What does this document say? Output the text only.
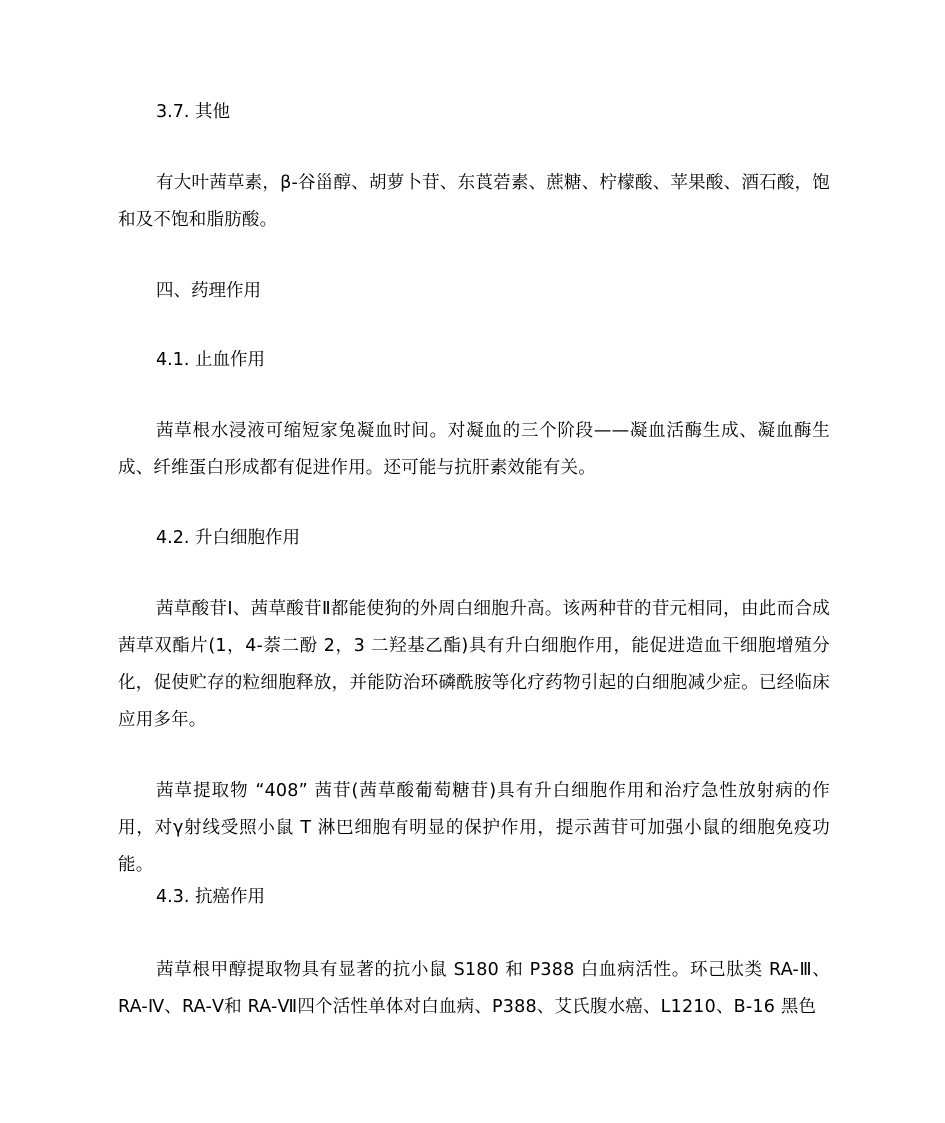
3.7. 其他

有大叶茜草素，β-谷甾醇、胡萝卜苷、东莨菪素、蔗糖、柠檬酸、苹果酸、酒石酸，饱和及不饱和脂肪酸。

四、药理作用

4.1. 止血作用

茜草根水浸液可缩短家兔凝血时间。对凝血的三个阶段——凝血活酶生成、凝血酶生成、纤维蛋白形成都有促进作用。还可能与抗肝素效能有关。

4.2. 升白细胞作用

茜草酸苷Ⅰ、茜草酸苷Ⅱ都能使狗的外周白细胞升高。该两种苷的苷元相同，由此而合成茜草双酯片(1，4-萘二酚 2，3 二羟基乙酯)具有升白细胞作用，能促进造血干细胞增殖分化，促使贮存的粒细胞释放，并能防治环磷酰胺等化疗药物引起的白细胞减少症。已经临床应用多年。

茜草提取物 “408” 茜苷(茜草酸葡萄糖苷)具有升白细胞作用和治疗急性放射病的作用，对γ射线受照小鼠 T 淋巴细胞有明显的保护作用，提示茜苷可加强小鼠的细胞免疫功能。

4.3. 抗癌作用

茜草根甲醇提取物具有显著的抗小鼠 S180 和 P388 白血病活性。环己肽类 RA-Ⅲ、RA-Ⅳ、RA-Ⅴ和 RA-Ⅶ四个活性单体对白血病、P388、艾氏腹水癌、L1210、B-16 黑色
